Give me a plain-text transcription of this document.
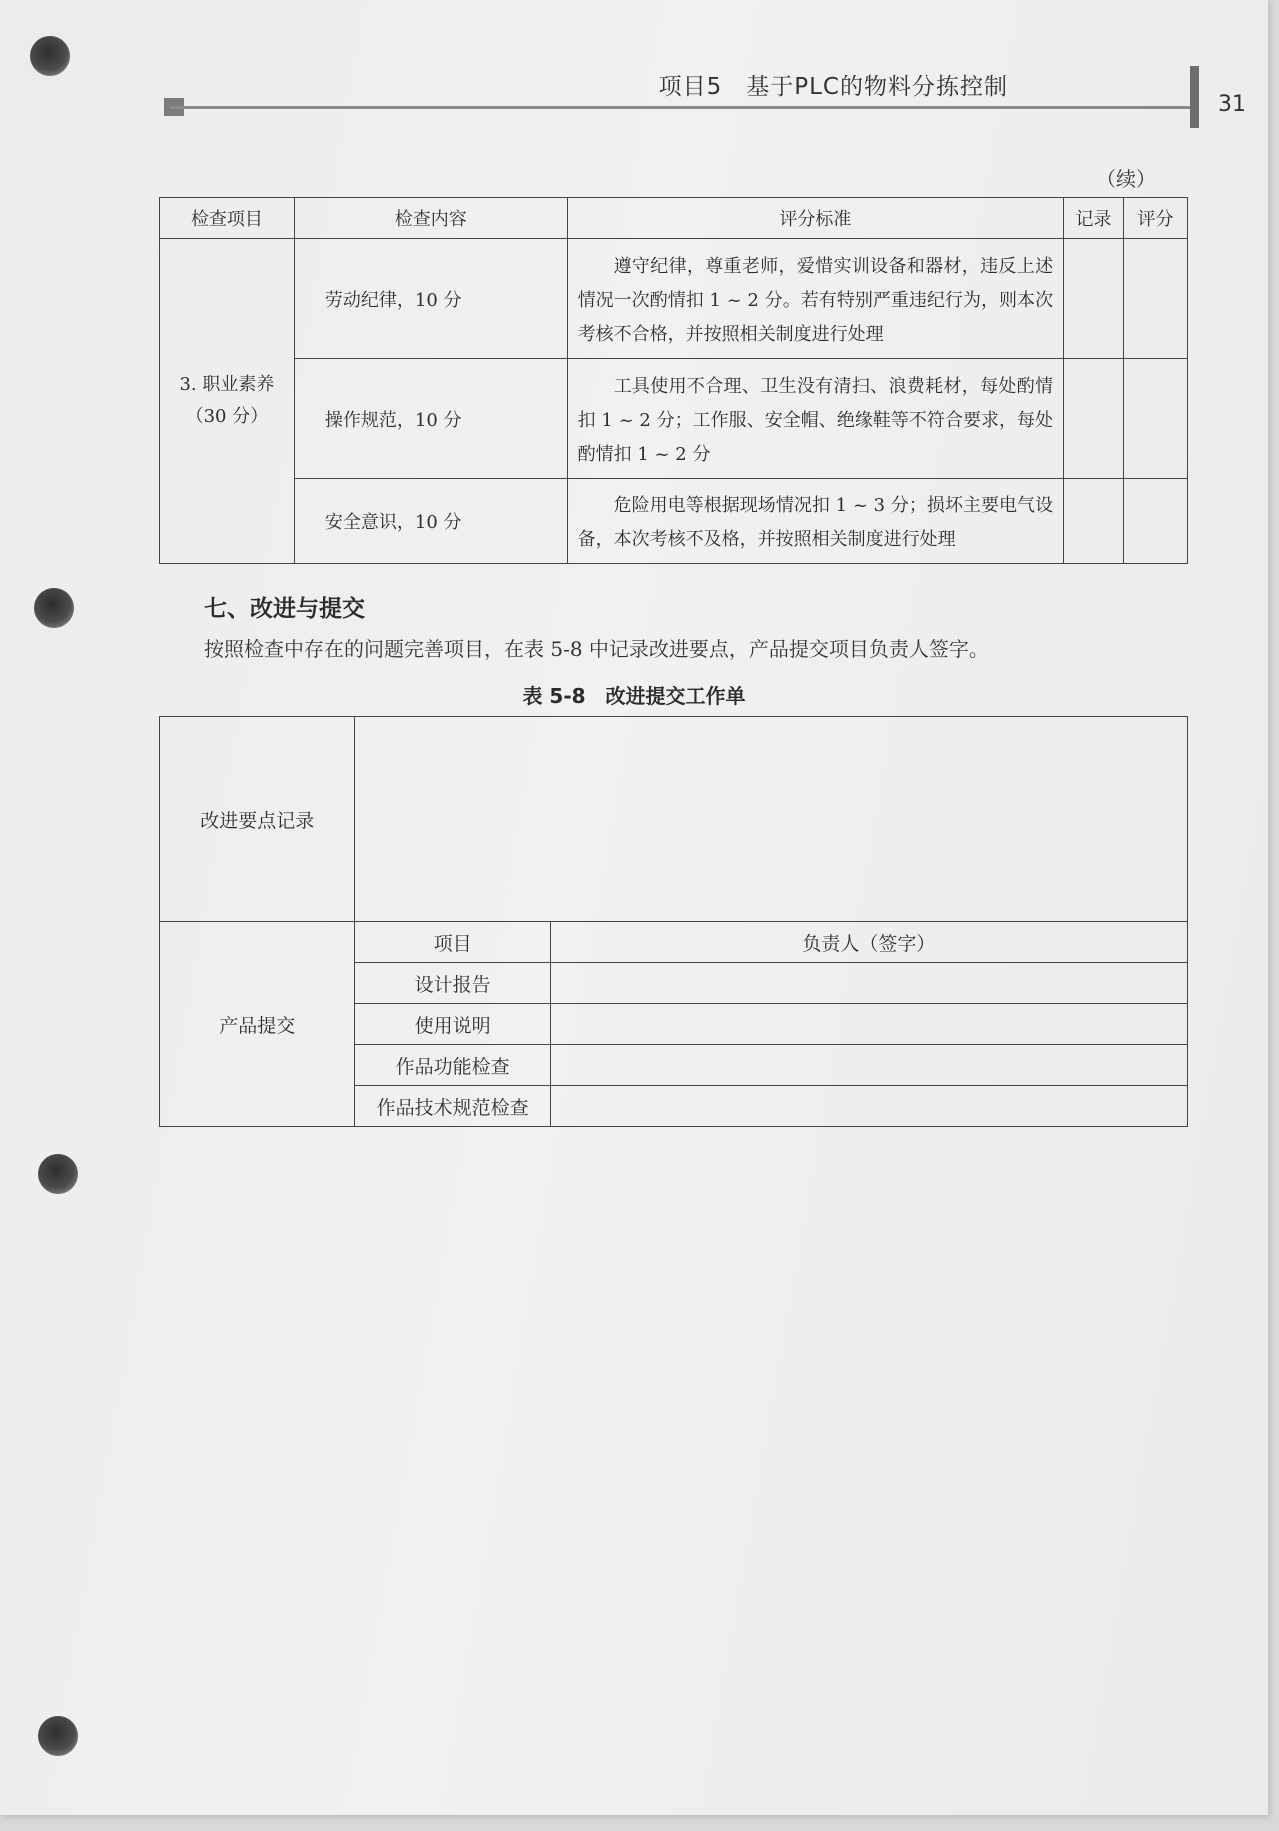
项目5　基于PLC的物料分拣控制
31
（续）
检查项目	检查内容	评分标准	记录	评分

3. 职业素养
（30 分）	劳动纪律，10 分	遵守纪律，尊重老师，爱惜实训设备和器材，违反上述情况一次酌情扣 1 ~ 2 分。若有特别严重违纪行为，则本次考核不合格，并按照相关制度进行处理		

	操作规范，10 分	工具使用不合理、卫生没有清扫、浪费耗材，每处酌情扣 1 ~ 2 分；工作服、安全帽、绝缘鞋等不符合要求，每处酌情扣 1 ~ 2 分		

	安全意识，10 分	危险用电等根据现场情况扣 1 ~ 3 分；损坏主要电气设备，本次考核不及格，并按照相关制度进行处理		

七、改进与提交
按照检查中存在的问题完善项目，在表 5-8 中记录改进要点，产品提交项目负责人签字。
表 5-8　改进提交工作单
改进要点记录		
产品提交	项目	负责人（签字）
	设计报告	
	使用说明	
	作品功能检查	
	作品技术规范检查	
